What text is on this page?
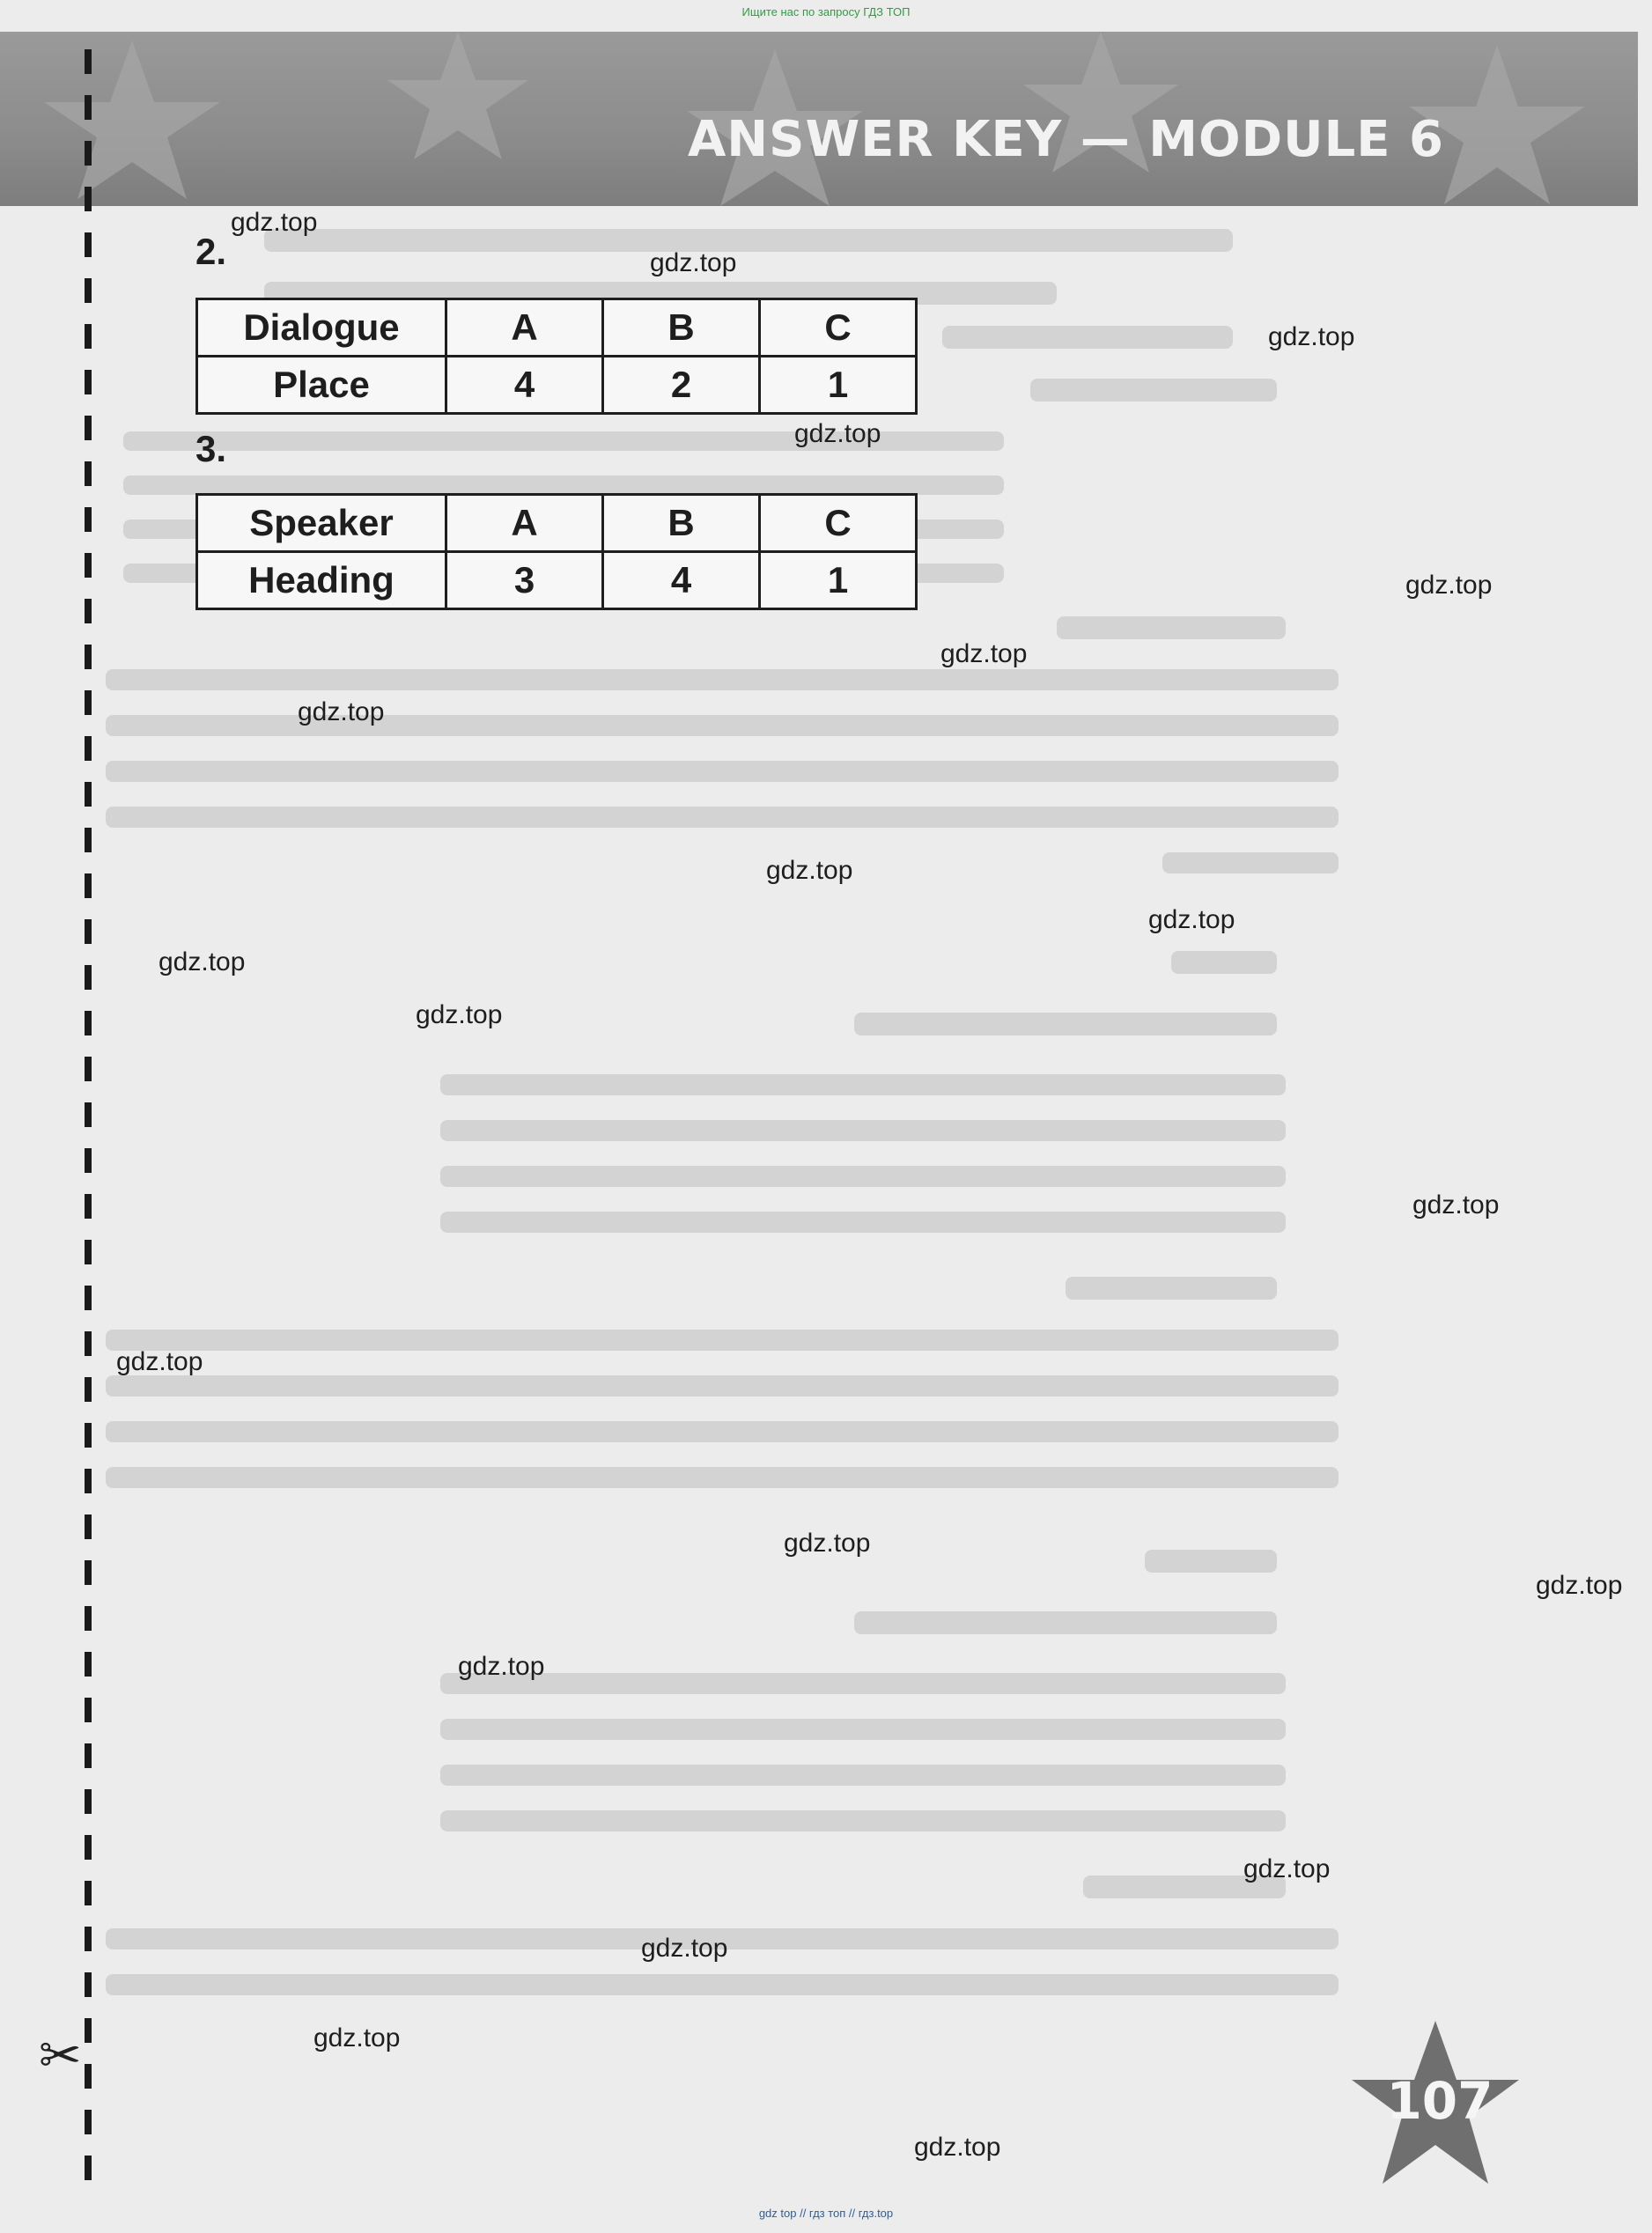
Ищите нас по запросу ГДЗ ТОП
ANSWER KEY — MODULE 6
✂
2.
Dialogue	A	B	C
Place	4	2	1
3.
Speaker	A	B	C
Heading	3	4	1
gdz.top
gdz.top
gdz.top
gdz.top
gdz.top
gdz.top
gdz.top
gdz.top
gdz.top
gdz.top
gdz.top
gdz.top
gdz.top
gdz.top
gdz.top
gdz.top
gdz.top
gdz.top
gdz.top
gdz.top
107
gdz top // гдз топ // гдз.top
